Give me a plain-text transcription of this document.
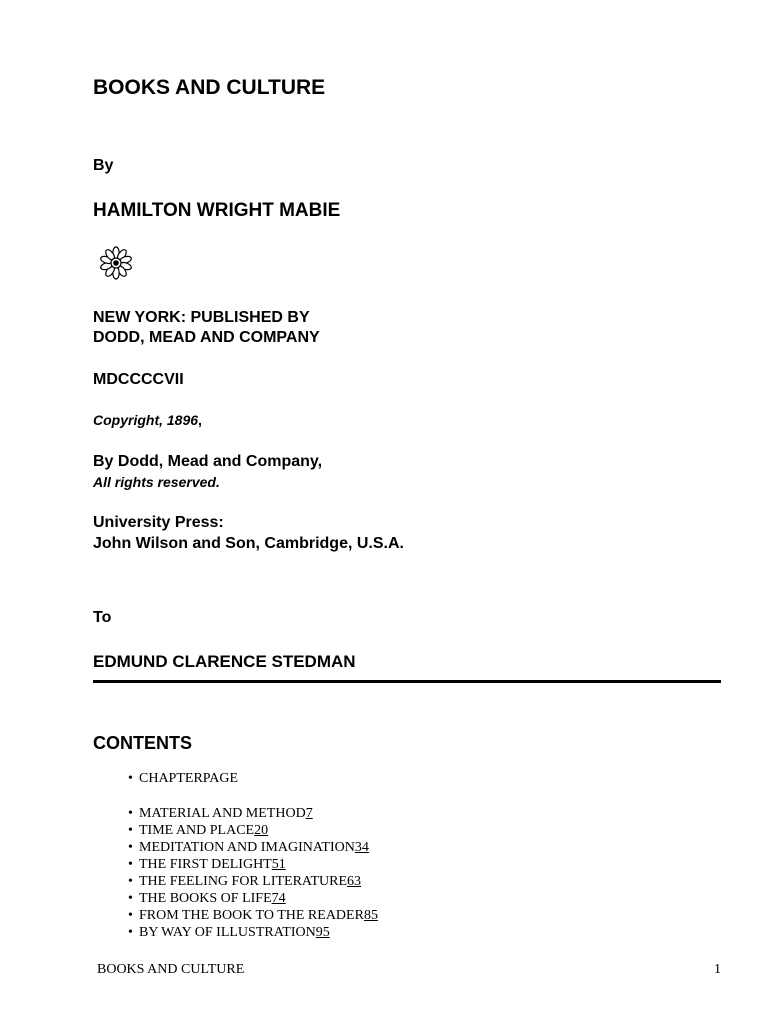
BOOKS AND CULTURE
By
HAMILTON WRIGHT MABIE
NEW YORK: PUBLISHED BY
DODD, MEAD AND COMPANY
MDCCCCVII
Copyright, 1896,
By Dodd, Mead and Company,
All rights reserved.
University Press:
John Wilson and Son, Cambridge, U.S.A.
To
EDMUND CLARENCE STEDMAN
CONTENTS
• CHAPTERPAGE
• MATERIAL AND METHOD7
• TIME AND PLACE20
• MEDITATION AND IMAGINATION34
• THE FIRST DELIGHT51
• THE FEELING FOR LITERATURE63
• THE BOOKS OF LIFE74
• FROM THE BOOK TO THE READER85
• BY WAY OF ILLUSTRATION95
BOOKS AND CULTURE	1
